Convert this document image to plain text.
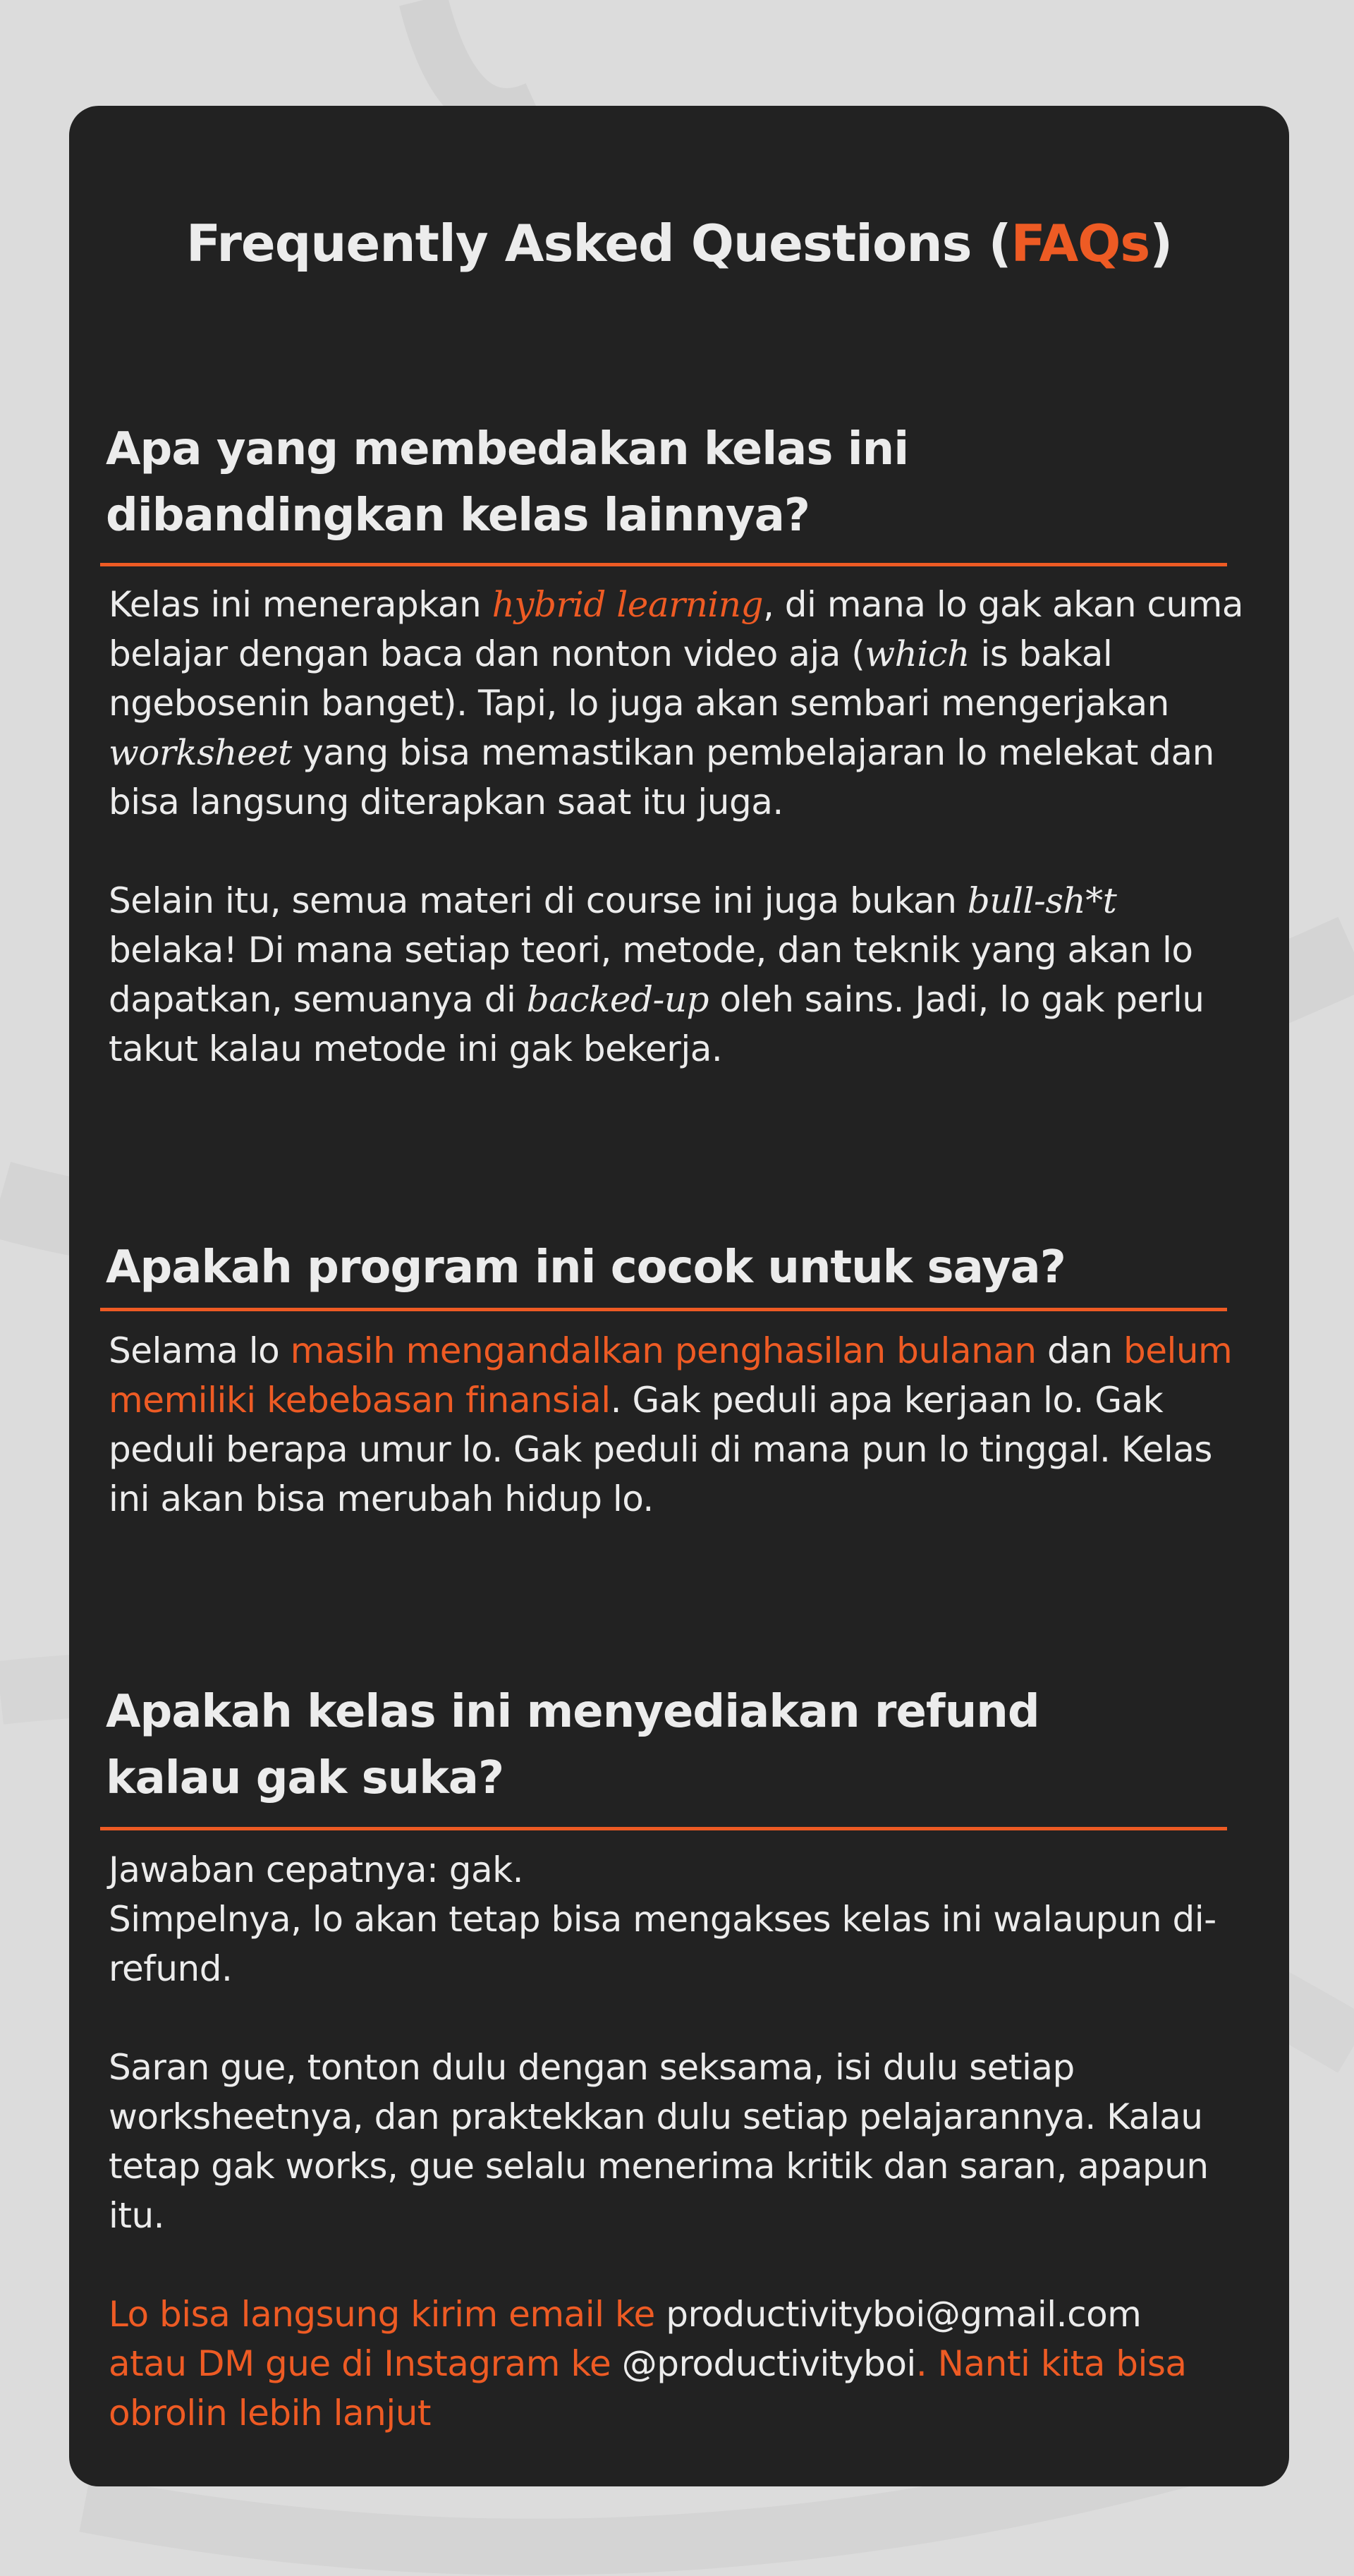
Frequently Asked Questions (FAQs)
Apa yang membedakan kelas ini
dibandingkan kelas lainnya?

Kelas ini menerapkan hybrid learning, di mana lo gak akan cuma belajar dengan baca dan nonton video aja (which is bakal ngebosenin banget). Tapi, lo juga akan sembari mengerjakan worksheet yang bisa memastikan pembelajaran lo melekat dan bisa langsung diterapkan saat itu juga.

Selain itu, semua materi di course ini juga bukan bull-sh*t belaka! Di mana setiap teori, metode, dan teknik yang akan lo dapatkan, semuanya di backed-up oleh sains. Jadi, lo gak perlu takut kalau metode ini gak bekerja.

Apakah program ini cocok untuk saya?

Selama lo masih mengandalkan penghasilan bulanan dan belum memiliki kebebasan finansial. Gak peduli apa kerjaan lo. Gak peduli berapa umur lo. Gak peduli di mana pun lo tinggal. Kelas ini akan bisa merubah hidup lo.

Apakah kelas ini menyediakan refund
kalau gak suka?

Jawaban cepatnya: gak.
Simpelnya, lo akan tetap bisa mengakses kelas ini walaupun di-refund.

Saran gue, tonton dulu dengan seksama, isi dulu setiap worksheetnya, dan praktekkan dulu setiap pelajarannya. Kalau tetap gak works, gue selalu menerima kritik dan saran, apapun itu.

Lo bisa langsung kirim email ke productivityboi@gmail.com
atau DM gue di Instagram ke @productivityboi. Nanti kita bisa obrolin lebih lanjut
